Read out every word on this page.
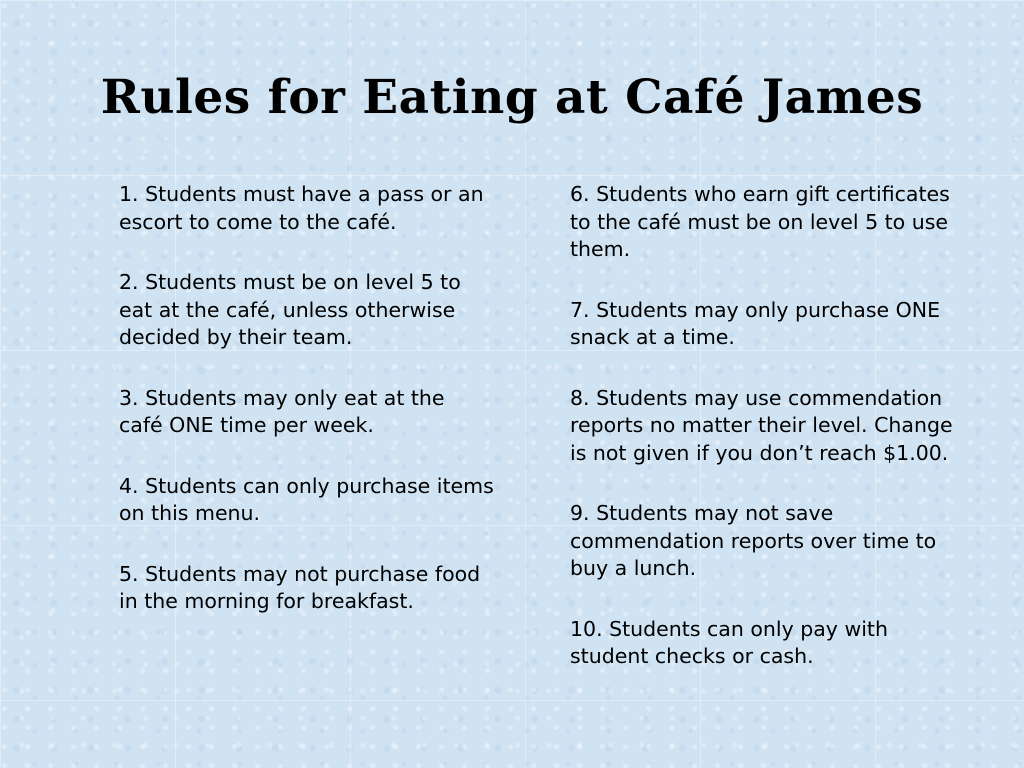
Rules for Eating at Café James
1. Students must have a pass or an escort to come to the café.
2. Students must be on level 5 to eat at the café, unless otherwise decided by their team.
3. Students may only eat at the café ONE time per week.
4. Students can only purchase items on this menu.
5. Students may not purchase food in the morning for breakfast.
6. Students who earn gift certificates to the café must be on level 5 to use them.
7. Students may only purchase ONE snack at a time.
8. Students may use commendation reports no matter their level. Change is not given if you don’t reach $1.00.
9. Students may not save commendation reports over time to buy a lunch.
10. Students can only pay with student checks or cash.
